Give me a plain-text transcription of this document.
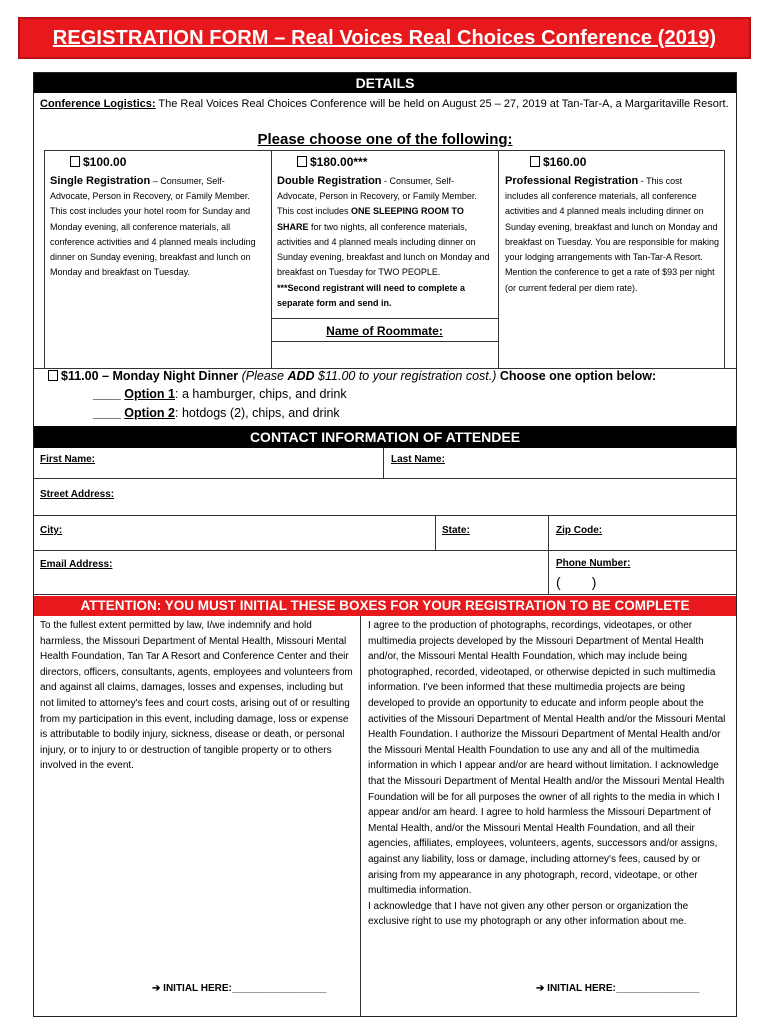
REGISTRATION FORM – Real Voices Real Choices Conference (2019)
DETAILS
Conference Logistics: The Real Voices Real Choices Conference will be held on August 25 – 27, 2019 at Tan-Tar-A, a Margaritaville Resort.
Please choose one of the following:
$100.00
Single Registration – Consumer, Self-
Advocate, Person in Recovery, or Family Member. This cost includes your hotel room for Sunday and Monday evening, all conference materials, all conference activities and 4 planned meals including dinner on Sunday evening, breakfast and lunch on Monday and breakfast on Tuesday.
$180.00***
Double Registration - Consumer, Self-
Advocate, Person in Recovery, or Family Member. This cost includes ONE SLEEPING ROOM TO SHARE for two nights, all conference materials, activities and 4 planned meals including dinner on Sunday evening, breakfast and lunch on Monday and breakfast on Tuesday for TWO PEOPLE.
***Second registrant will need to complete a separate form and send in.
Name of Roommate:
$160.00
Professional Registration - This cost
includes all conference materials, all conference activities and 4 planned meals including dinner on Sunday evening, breakfast and lunch on Monday and breakfast on Tuesday. You are responsible for making your lodging arrangements with Tan-Tar-A Resort. Mention the conference to get a rate of $93 per night (or current federal per diem rate).
$11.00 – Monday Night Dinner (Please ADD $11.00 to your registration cost.) Choose one option below:
____ Option 1: a hamburger, chips, and drink
____ Option 2: hotdogs (2), chips, and drink
CONTACT INFORMATION OF ATTENDEE
First Name:	Last Name:
Street Address:
City:	State:	Zip Code:
Email Address:	Phone Number:
(        )
ATTENTION: YOU MUST INITIAL THESE BOXES FOR YOUR REGISTRATION TO BE COMPLETE
To the fullest extent permitted by law, I/we indemnify and hold harmless, the Missouri Department of Mental Health, Missouri Mental Health Foundation, Tan Tar A Resort and Conference Center and their directors, officers, consultants, agents, employees and volunteers from and against all claims, damages, losses and expenses, including but not limited to attorney's fees and court costs, arising out of or resulting from my participation in this event, including damage, loss or expense is attributable to bodily injury, sickness, disease or death, or personal injury, or to injury to or destruction of tangible property or to others involved in the event.
I agree to the production of photographs, recordings, videotapes, or other multimedia projects developed by the Missouri Department of Mental Health and/or, the Missouri Mental Health Foundation, which may include being photographed, recorded, videotaped, or otherwise depicted in such multimedia information. I've been informed that these multimedia projects are being developed to provide an opportunity to educate and inform people about the activities of the Missouri Department of Mental Health and/or the Missouri Mental Health Foundation. I authorize the Missouri Department of Mental Health and/or the Missouri Mental Health Foundation to use any and all of the multimedia information in which I appear and/or are heard without limitation. I acknowledge that the Missouri Department of Mental Health and/or the Missouri Mental Health Foundation will be for all purposes the owner of all rights to the media in which I appear and/or am heard. I agree to hold harmless the Missouri Department of Mental Health, and/or the Missouri Mental Health Foundation, and all their agencies, affiliates, employees, volunteers, agents, successors and/or assigns, against any liability, loss or damage, including attorney's fees, caused by or arising from my appearance in any photograph, record, videotape, or other multimedia information.
I acknowledge that I have not given any other person or organization the exclusive right to use my photograph or any other information about me.
➔ INITIAL HERE:_________________	➔ INITIAL HERE:_______________
